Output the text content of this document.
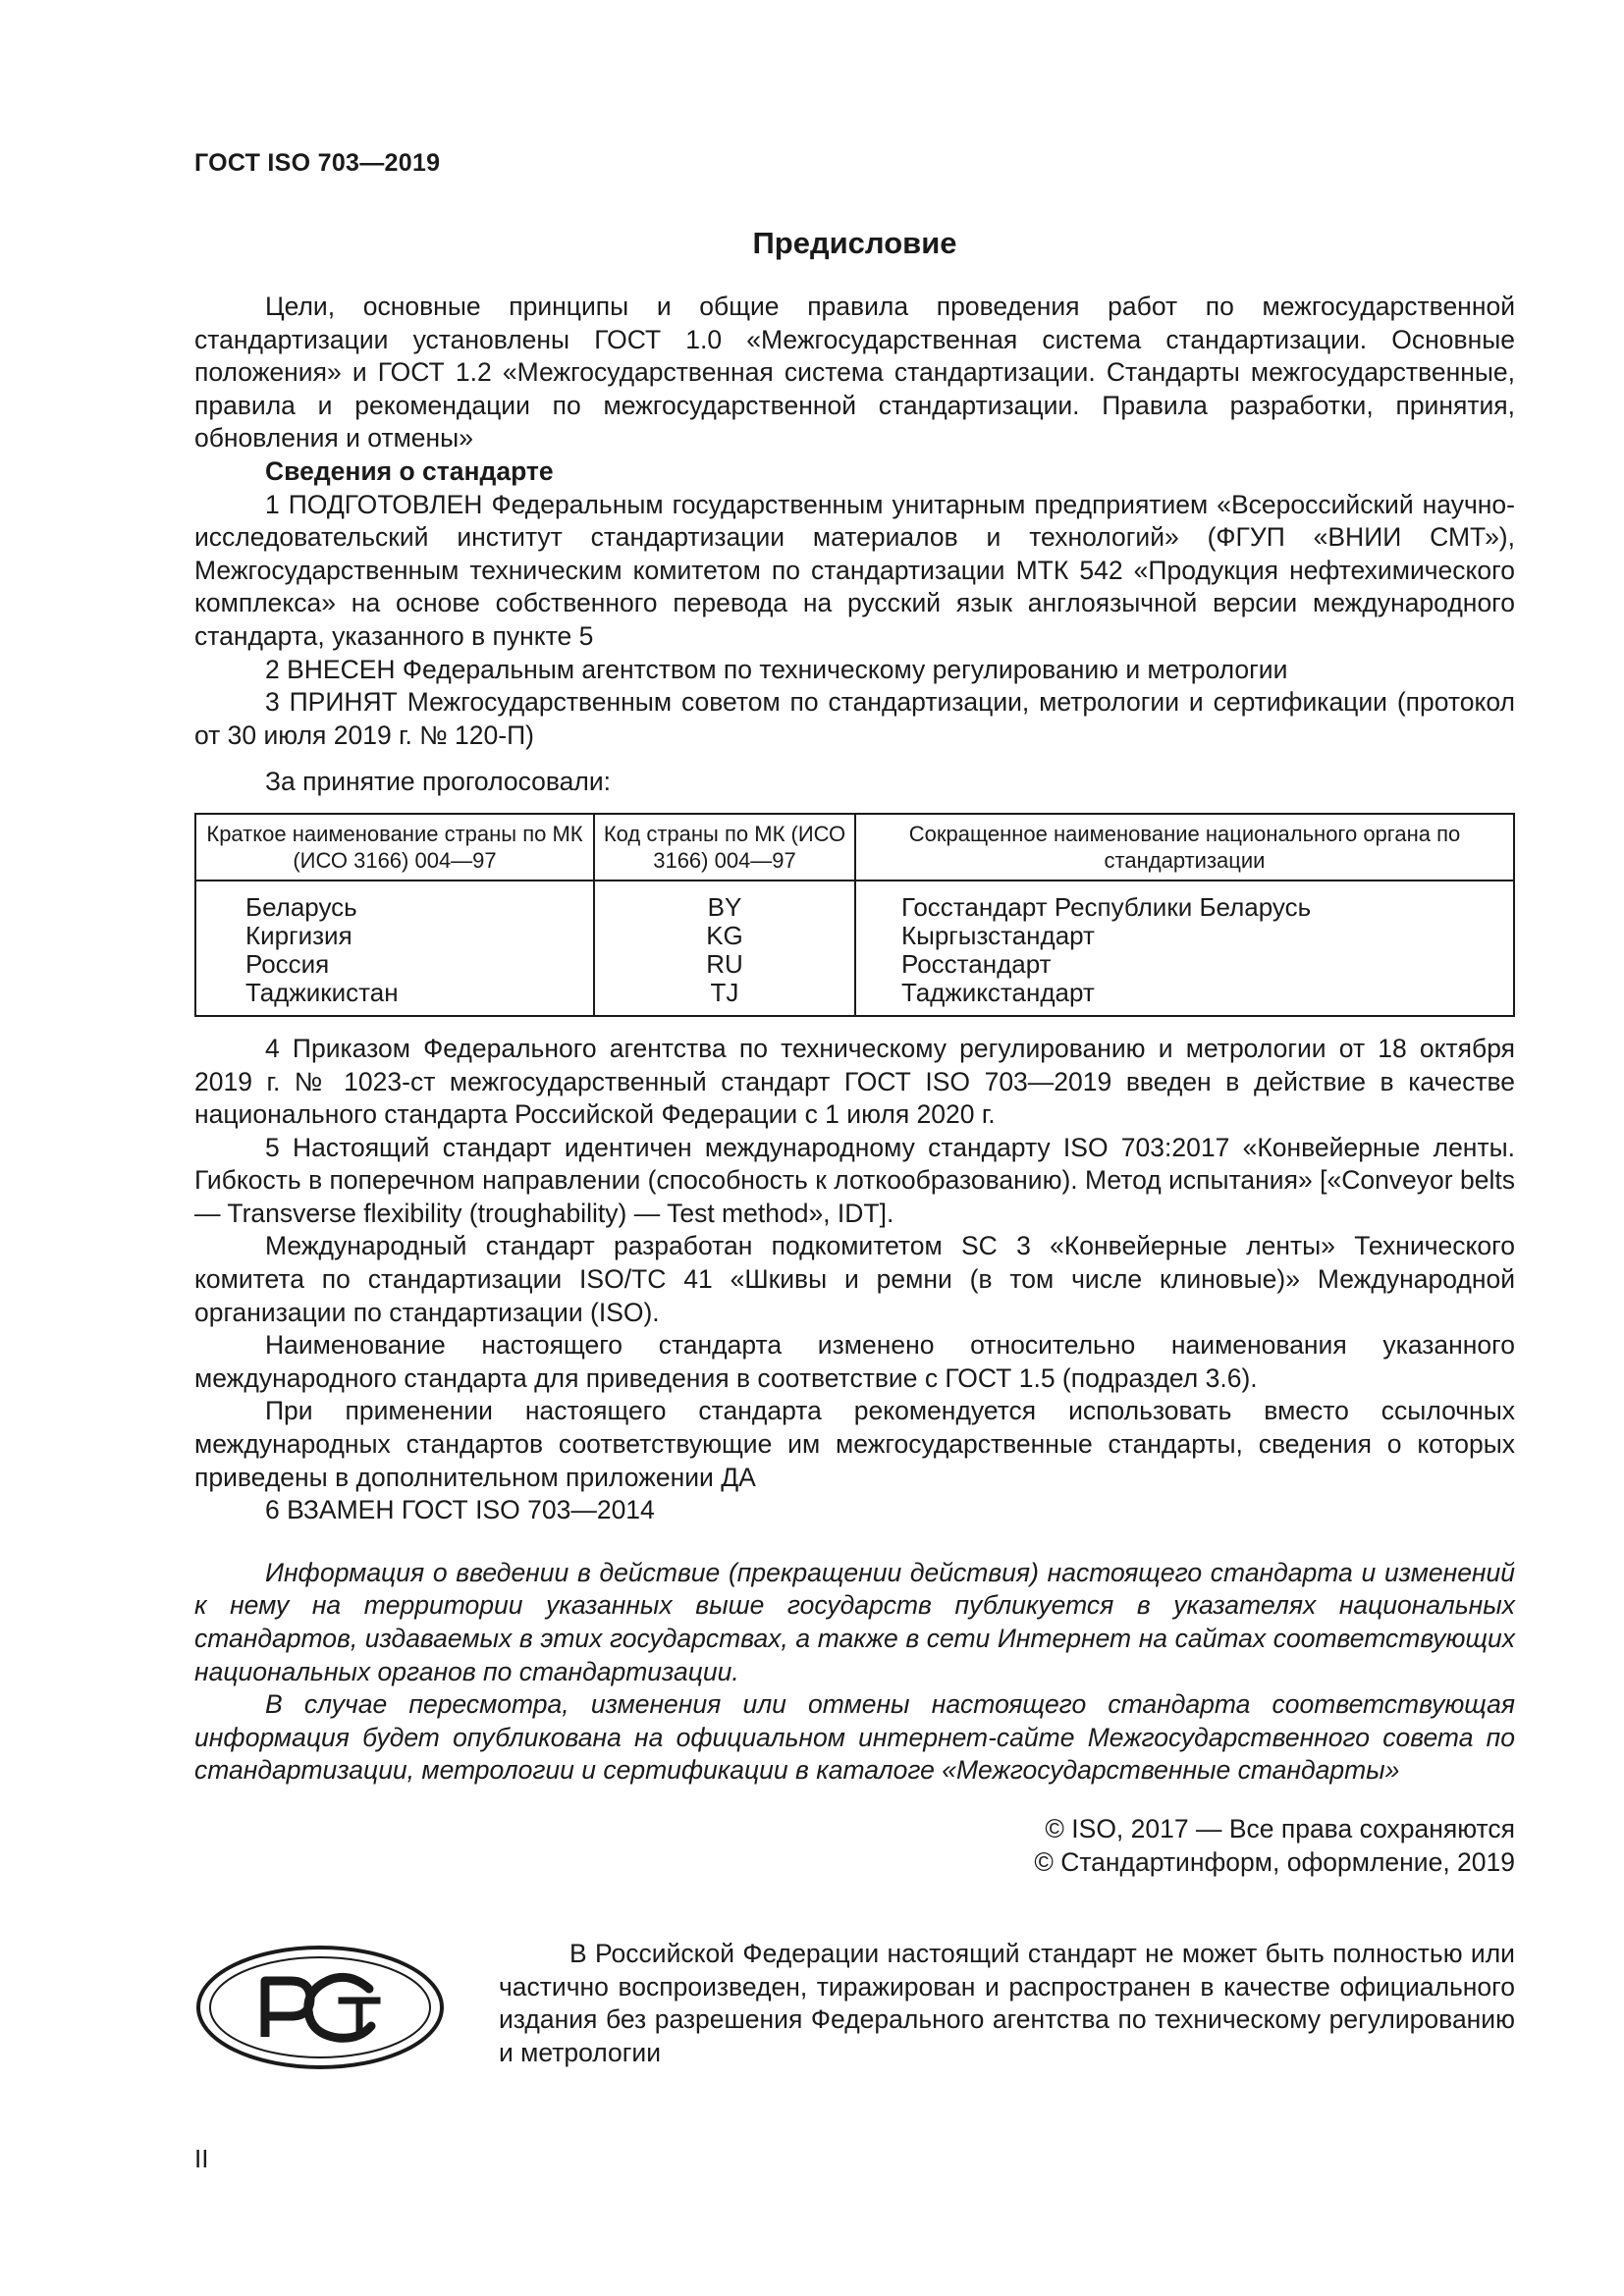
ГОСТ ISO 703—2019
Предисловие

Цели, основные принципы и общие правила проведения работ по межгосударственной стандартизации установлены ГОСТ 1.0 «Межгосударственная система стандартизации. Основные положения» и ГОСТ 1.2 «Межгосударственная система стандартизации. Стандарты межгосударственные, правила и рекомендации по межгосударственной стандартизации. Правила разработки, принятия, обновления и отмены»

Сведения о стандарте

1 ПОДГОТОВЛЕН Федеральным государственным унитарным предприятием «Всероссийский научно-исследовательский институт стандартизации материалов и технологий» (ФГУП «ВНИИ СМТ»), Межгосударственным техническим комитетом по стандартизации МТК 542 «Продукция нефтехимического комплекса» на основе собственного перевода на русский язык англоязычной версии международного стандарта, указанного в пункте 5

2 ВНЕСЕН Федеральным агентством по техническому регулированию и метрологии

3 ПРИНЯТ Межгосударственным советом по стандартизации, метрологии и сертификации (протокол от 30 июля 2019 г. № 120-П)

За принятие проголосовали:

Краткое наименование страны по МК (ИСО 3166) 004—97	Код страны по МК (ИСО 3166) 004—97	Сокращенное наименование национального органа по стандартизации
Беларусь	BY	Госстандарт Республики Беларусь
Киргизия	KG	Кыргызстандарт
Россия	RU	Росстандарт
Таджикистан	TJ	Таджикстандарт

4 Приказом Федерального агентства по техническому регулированию и метрологии от 18 октября 2019 г. № 1023-ст межгосударственный стандарт ГОСТ ISO 703—2019 введен в действие в качестве национального стандарта Российской Федерации с 1 июля 2020 г.

5 Настоящий стандарт идентичен международному стандарту ISO 703:2017 «Конвейерные ленты. Гибкость в поперечном направлении (способность к лоткообразованию). Метод испытания» [«Conveyor belts — Transverse flexibility (troughability) — Test method», IDT].

Международный стандарт разработан подкомитетом SC 3 «Конвейерные ленты» Технического комитета по стандартизации ISO/TC 41 «Шкивы и ремни (в том числе клиновые)» Международной организации по стандартизации (ISO).

Наименование настоящего стандарта изменено относительно наименования указанного международного стандарта для приведения в соответствие с ГОСТ 1.5 (подраздел 3.6).

При применении настоящего стандарта рекомендуется использовать вместо ссылочных международных стандартов соответствующие им межгосударственные стандарты, сведения о которых приведены в дополнительном приложении ДА

6 ВЗАМЕН ГОСТ ISO 703—2014

Информация о введении в действие (прекращении действия) настоящего стандарта и изменений к нему на территории указанных выше государств публикуется в указателях национальных стандартов, издаваемых в этих государствах, а также в сети Интернет на сайтах соответствующих национальных органов по стандартизации.

В случае пересмотра, изменения или отмены настоящего стандарта соответствующая информация будет опубликована на официальном интернет-сайте Межгосударственного совета по стандартизации, метрологии и сертификации в каталоге «Межгосударственные стандарты»

© ISO, 2017 — Все права сохраняются
© Стандартинформ, оформление, 2019

В Российской Федерации настоящий стандарт не может быть полностью или частично воспроизведен, тиражирован и распространен в качестве официального издания без разрешения Федерального агентства по техническому регулированию и метрологии

II
